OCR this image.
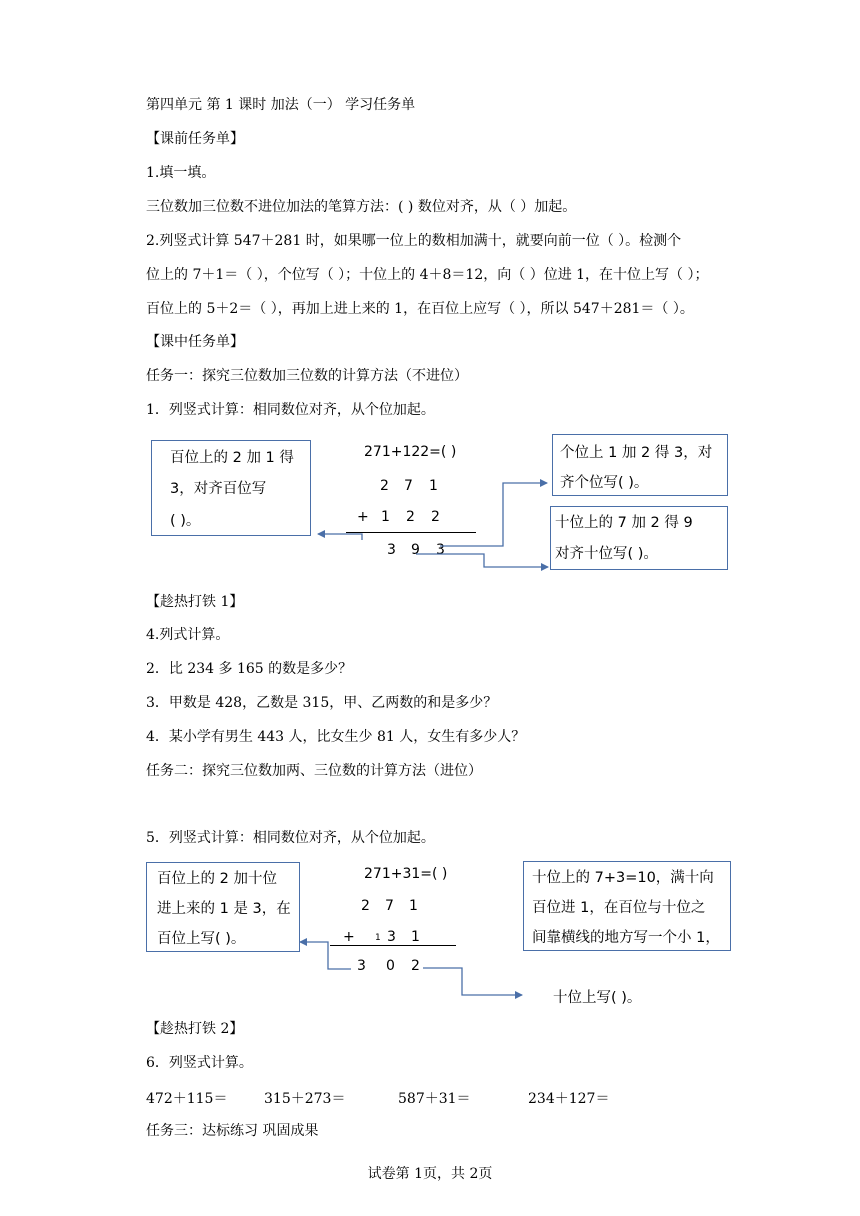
第四单元 第 1 课时 加法（一） 学习任务单
【课前任务单】
1.填一填。
三位数加三位数不进位加法的笔算方法：( ) 数位对齐，从（ ）加起。
2.列竖式计算 547＋281 时，如果哪一位上的数相加满十，就要向前一位（ ）。检测个
位上的 7＋1＝（ ），个位写（ ）；十位上的 4＋8＝12，向（ ）位进 1，在十位上写（ ）；
百位上的 5＋2＝（ ），再加上进上来的 1，在百位上应写（ ），所以 547＋281＝（ ）。
【课中任务单】
任务一：探究三位数加三位数的计算方法（不进位）
1．列竖式计算：相同数位对齐，从个位加起。
百位上的 2 加 1 得
3，对齐百位写
( )。
271+122=( )
2 7 1
+ 1 2 2
3 9 3
个位上 1 加 2 得 3，对
齐个位写( )。
十位上的 7 加 2 得 9
对齐十位写( )。
【趁热打铁 1】
4.列式计算。
2．比 234 多 165 的数是多少？
3．甲数是 428，乙数是 315，甲、乙两数的和是多少？
4．某小学有男生 443 人，比女生少 81 人，女生有多少人？
任务二：探究三位数加两、三位数的计算方法（进位）
5．列竖式计算：相同数位对齐，从个位加起。
百位上的 2 加十位
进上来的 1 是 3，在
百位上写( )。
271+31=( )
2 7 1
+ 1 3 1
3 0 2
十位上的 7+3=10，满十向
百位进 1，在百位与十位之
间靠横线的地方写一个小 1，
十位上写( )。
【趁热打铁 2】
6．列竖式计算。
472＋115＝	315＋273＝	587＋31＝	234＋127＝
任务三：达标练习 巩固成果
试卷第 1页，共 2页
